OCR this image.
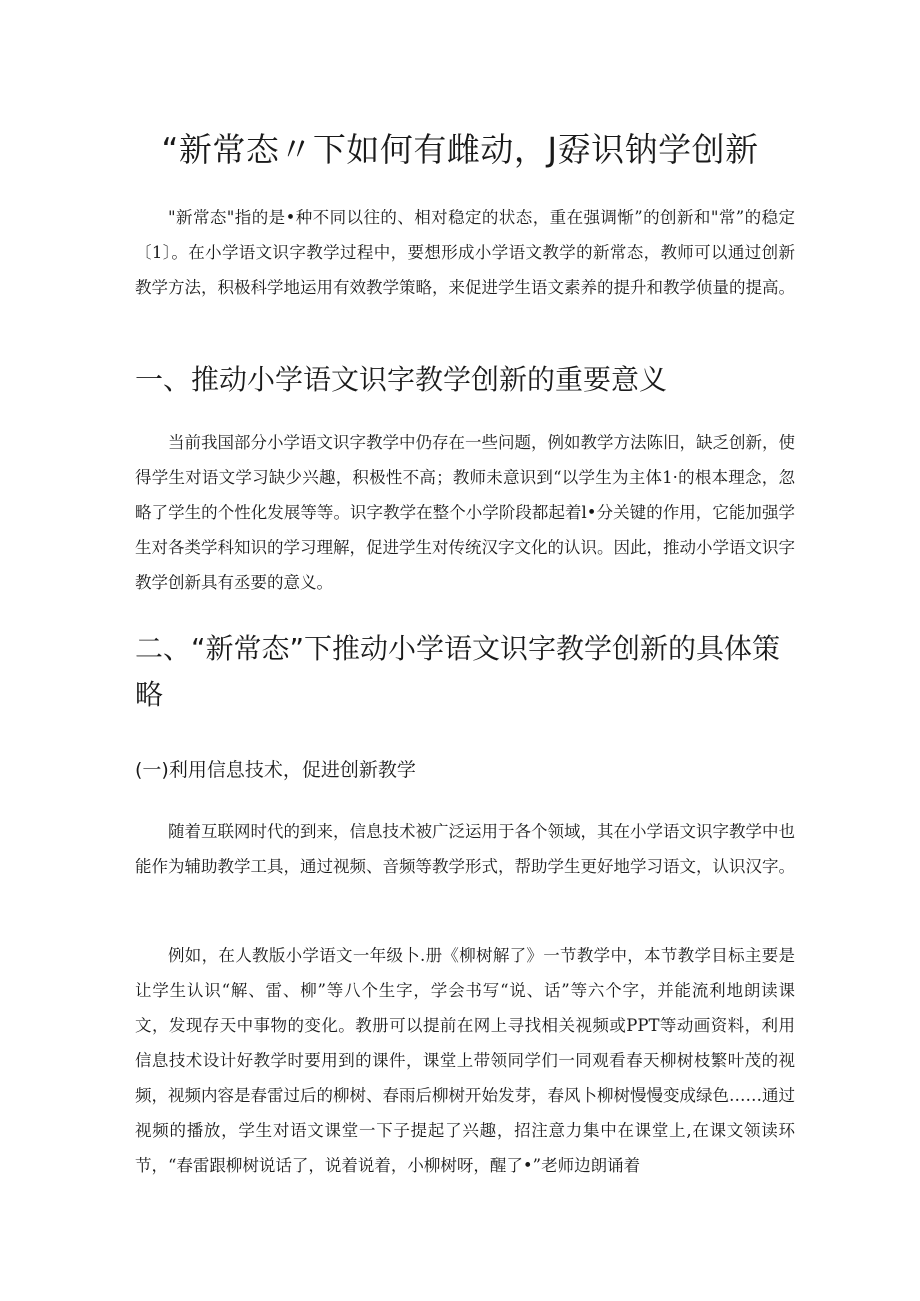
“新常态〃下如何有雌动，J孬识钠学创新

"新常态"指的是•种不同以往的、相对稳定的状态，重在强调惭”的创新和"常”的稳定〔1〕。在小学语文识字教学过程中，要想形成小学语文教学的新常态，教师可以通过创新教学方法，积极科学地运用有效教学策略，来促进学生语文素养的提升和教学侦量的提高。

一、推动小学语文识字教学创新的重要意义

当前我国部分小学语文识字教学中仍存在一些问题，例如教学方法陈旧，缺乏创新，使得学生对语文学习缺少兴趣，积极性不高；教师未意识到“以学生为主体1·的根本理念，忽略了学生的个性化发展等等。识字教学在整个小学阶段都起着l•分关键的作用，它能加强学生对各类学科知识的学习理解，促进学生对传统汉字文化的认识。因此，推动小学语文识字教学创新具有丞要的意义。

二、“新常态”下推动小学语文识字教学创新的具体策略
(一)利用信息技术，促进创新教学

随着互联网时代的到来，信息技术被广泛运用于各个领域，其在小学语文识字教学中也能作为辅助教学工具，通过视频、音频等教学形式，帮助学生更好地学习语文，认识汉字。

例如，在人教版小学语文一年级卜.册《柳树解了》一节教学中，本节教学目标主要是让学生认识“解、雷、柳”等八个生字，学会书写“说、话”等六个字，并能流利地朗读课文，发现存天中事物的变化。教册可以提前在网上寻找相关视频或PPT等动画资料，利用信息技术设计好教学时要用到的课件，课堂上带领同学们一同观看春天柳树枝繁叶茂的视频，视频内容是春雷过后的柳树、春雨后柳树开始发芽，春风卜柳树慢慢变成绿色……通过视频的播放，学生对语文课堂一下子提起了兴趣，招注意力集中在课堂上,在课文领读环节，“春雷跟柳树说话了，说着说着，小柳树呀，醒了•”老师边朗诵着
